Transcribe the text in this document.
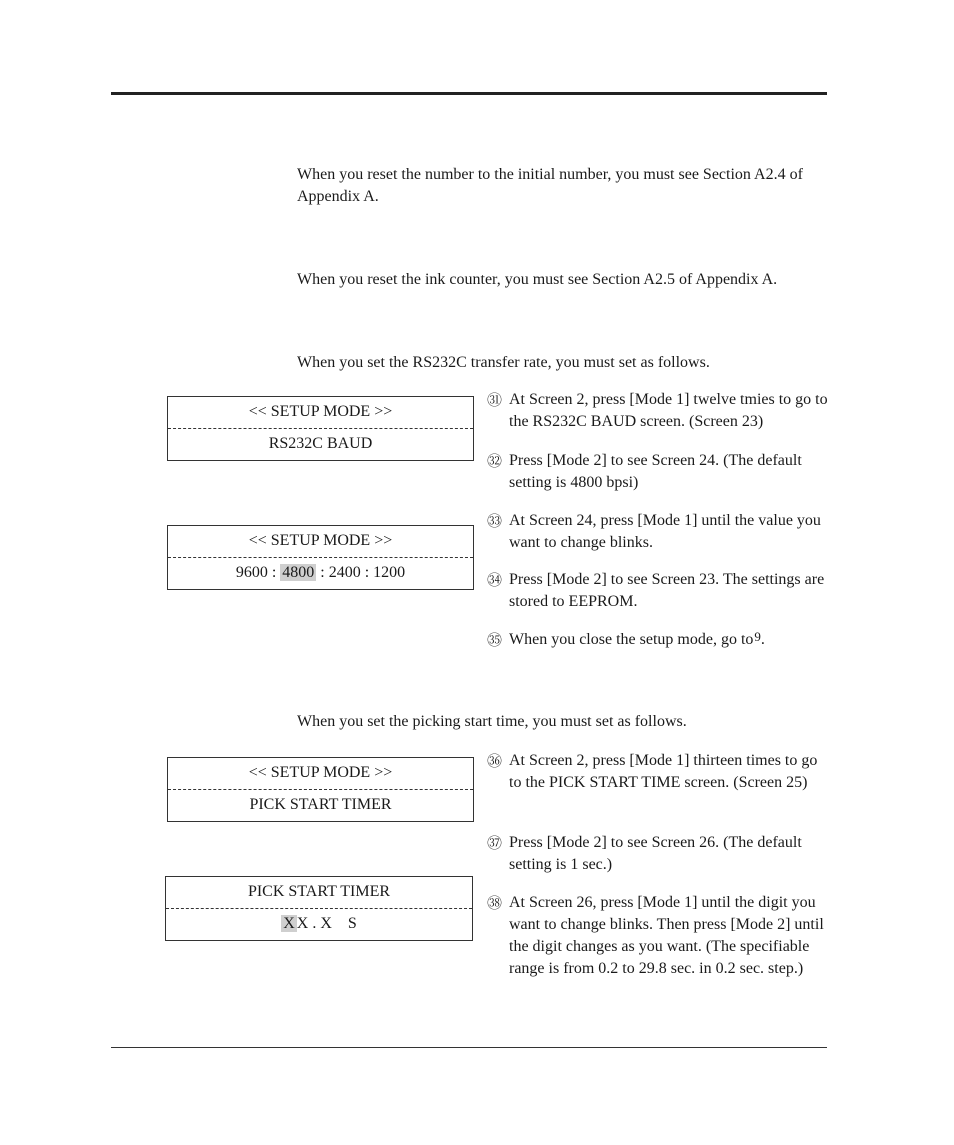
When you reset the number to the initial number, you must see Section A2.4 of Appendix A.

When you reset the ink counter, you must see Section A2.5 of Appendix A.

When you set the RS232C transfer rate, you must set as follows.

<< SETUP MODE >>
RS232C BAUD
<< SETUP MODE >>
9600 : 4800 : 2400 : 1200
㉛ At Screen 2, press [Mode 1] twelve tmies to go to the RS232C BAUD screen. (Screen 23)
㉜ Press [Mode 2] to see Screen 24. (The default setting is 4800 bpsi)
㉝ At Screen 24, press [Mode 1] until the value you want to change blinks.
㉞ Press [Mode 2] to see Screen 23. The settings are stored to EEPROM.
㉟ When you close the setup mode, go to 9.

When you set the picking start time, you must set as follows.

<< SETUP MODE >>
PICK START TIMER
PICK START TIMER
X X . X    S
㊱ At Screen 2, press [Mode 1] thirteen times to go to the PICK START TIME screen. (Screen 25)
㊲ Press [Mode 2] to see Screen 26. (The default setting is 1 sec.)
㊳ At Screen 26, press [Mode 1] until the digit you want to change blinks. Then press [Mode 2] until the digit changes as you want. (The specifiable range is from 0.2 to 29.8 sec. in 0.2 sec. step.)
